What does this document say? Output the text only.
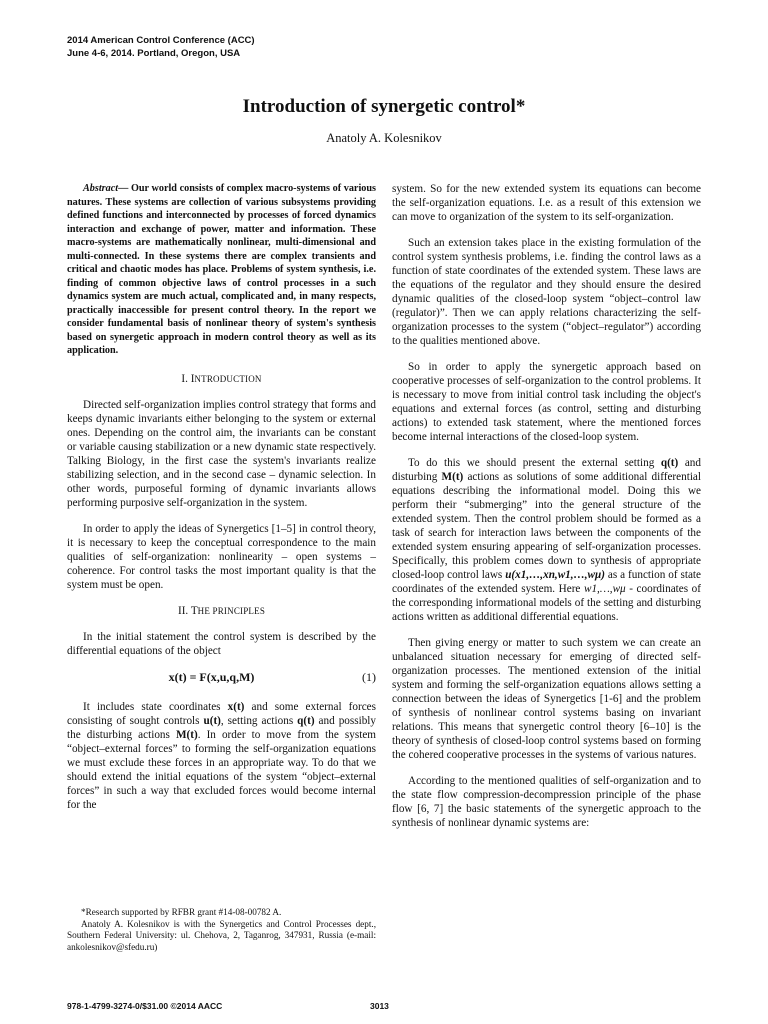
2014 American Control Conference (ACC)
June 4-6, 2014. Portland, Oregon, USA
Introduction of synergetic control*
Anatoly A. Kolesnikov

Abstract— Our world consists of complex macro-systems of various natures. These systems are collection of various subsystems providing defined functions and interconnected by processes of forced dynamics interaction and exchange of power, matter and information. These macro-systems are mathematically nonlinear, multi-dimensional and multi-connected. In these systems there are complex transients and critical and chaotic modes has place. Problems of system synthesis, i.e. finding of common objective laws of control processes in a such dynamics system are much actual, complicated and, in many respects, practically inaccessible for present control theory. In the report we consider fundamental basis of nonlinear theory of system's synthesis based on synergetic approach in modern control theory as well as its application.

I. INTRODUCTION

Directed self-organization implies control strategy that forms and keeps dynamic invariants either belonging to the system or external ones. Depending on the control aim, the invariants can be constant or variable causing stabilization or a new dynamic state respectively. Talking Biology, in the first case the system's invariants realize stabilizing selection, and in the second case – dynamic selection. In other words, purposeful forming of dynamic invariants allows performing purposive self-organization in the system.

In order to apply the ideas of Synergetics [1–5] in control theory, it is necessary to keep the conceptual correspondence to the main qualities of self-organization: nonlinearity – open systems – coherence. For control tasks the most important quality is that the system must be open.

II. THE PRINCIPLES

In the initial statement the control system is described by the differential equations of the object

x(t) = F(x,u,q,M)	(1)

It includes state coordinates x(t) and some external forces consisting of sought controls u(t), setting actions q(t) and possibly the disturbing actions M(t). In order to move from the system “object–external forces” to forming the self-organization equations we must exclude these forces in an appropriate way. To do that we should extend the initial equations of the system “object–external forces” in such a way that excluded forces would become internal for the

*Research supported by RFBR grant #14-08-00782 A.
Anatoly A. Kolesnikov is with the Synergetics and Control Processes dept., Southern Federal University: ul. Chehova, 2, Taganrog, 347931, Russia (e-mail: ankolesnikov@sfedu.ru)

system. So for the new extended system its equations can become the self-organization equations. I.e. as a result of this extension we can move to organization of the system to its self-organization.

Such an extension takes place in the existing formulation of the control system synthesis problems, i.e. finding the control laws as a function of state coordinates of the extended system. These laws are the equations of the regulator and they should ensure the desired dynamic qualities of the closed-loop system “object–control law (regulator)”. Then we can apply relations characterizing the self-organization processes to the system (“object–regulator”) according to the qualities mentioned above.

So in order to apply the synergetic approach based on cooperative processes of self-organization to the control problems. It is necessary to move from initial control task including the object's equations and external forces (as control, setting and disturbing actions) to extended task statement, where the mentioned forces become internal interactions of the closed-loop system.

To do this we should present the external setting q(t) and disturbing M(t) actions as solutions of some additional differential equations describing the informational model. Doing this we perform their “submerging” into the general structure of the extended system. Then the control problem should be formed as a task of search for interaction laws between the components of the extended system ensuring appearing of self-organization processes. Specifically, this problem comes down to synthesis of appropriate closed-loop control laws u(x1,…,xn,w1,…,wμ) as a function of state coordinates of the extended system. Here w1,…,wμ - coordinates of the corresponding informational models of the setting and disturbing actions written as additional differential equations.

Then giving energy or matter to such system we can create an unbalanced situation necessary for emerging of directed self-organization processes. The mentioned extension of the initial system and forming the self-organization equations allows setting a connection between the ideas of Synergetics [1-6] and the problem of synthesis of nonlinear control systems basing on invariant relations. This means that synergetic control theory [6–10] is the theory of synthesis of closed-loop control systems based on forming the cohered cooperative processes in the systems of various natures.

According to the mentioned qualities of self-organization and to the state flow compression-decompression principle of the phase flow [6, 7] the basic statements of the synergetic approach to the synthesis of nonlinear dynamic systems are:

978-1-4799-3274-0/$31.00 ©2014 AACC	3013
